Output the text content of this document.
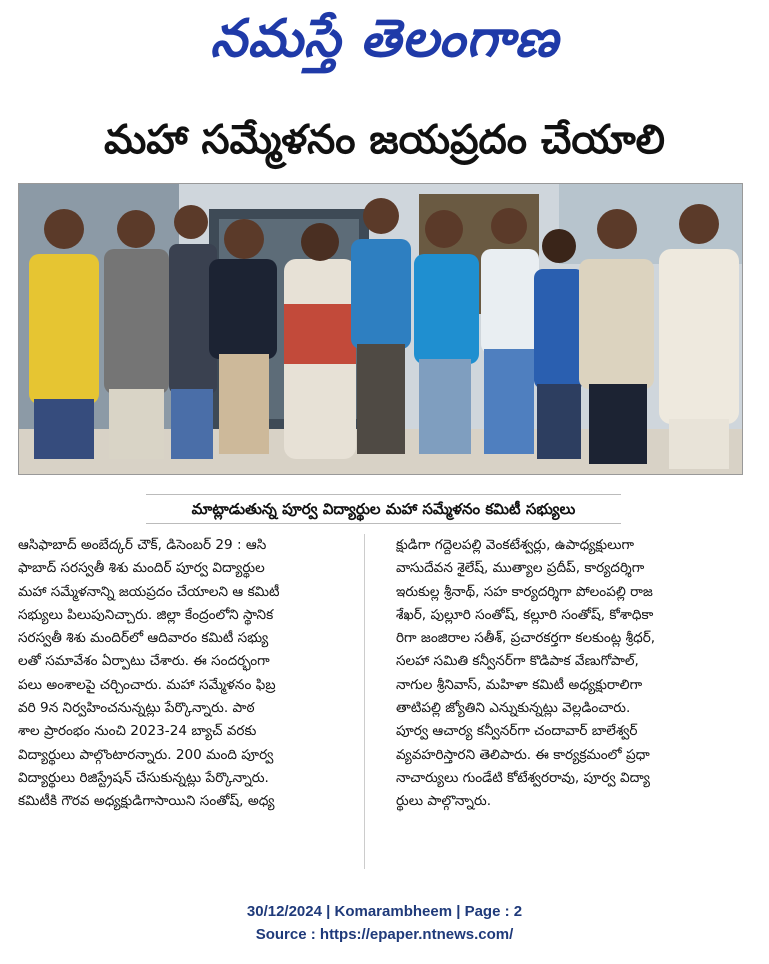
నమస్తే తెలంగాణ
మహా సమ్మేళనం జయప్రదం చేయాలి
మాట్లాడుతున్న పూర్వ విద్యార్థుల మహా సమ్మేళనం కమిటీ సభ్యులు
ఆసిఫాబాద్ అంబేద్కర్ చౌక్, డిసెంబర్ 29 : ఆసి
ఫాబాద్ సరస్వతీ శిశు మందిర్ పూర్వ విద్యార్థుల
మహా సమ్మేళనాన్ని జయప్రదం చేయాలని ఆ కమిటీ
సభ్యులు పిలుపునిచ్చారు. జిల్లా కేంద్రంలోని స్థానిక
సరస్వతీ శిశు మందిర్‌లో ఆదివారం కమిటీ సభ్యు
లతో సమావేశం ఏర్పాటు చేశారు. ఈ సందర్భంగా
పలు అంశాలపై చర్చించారు. మహా సమ్మేళనం ఫిబ్ర
వరి 9న నిర్వహించనున్నట్లు పేర్కొన్నారు. పాఠ
శాల ప్రారంభం నుంచి 2023-24 బ్యాచ్ వరకు
విద్యార్థులు పాల్గొంటారన్నారు. 200 మంది పూర్వ
విద్యార్థులు రిజిస్ట్రేషన్ చేసుకున్నట్లు పేర్కొన్నారు.
కమిటీకి గౌరవ అధ్యక్షుడిగాసాయిని సంతోష్, అధ్య
క్షుడిగా గద్దెలపల్లి వెంకటేశ్వర్లు, ఉపాధ్యక్షులుగా
వాసుదేవన శైలేష్, ముత్యాల ప్రదీప్, కార్యదర్శిగా
ఇరుకుల్ల శ్రీనాథ్, సహ కార్యదర్శిగా పోలంపల్లి రాజ
శేఖర్, పుల్లూరి సంతోష్, కల్లూరి సంతోష్, కోశాధికా
రిగా జంజిరాల సతీశ్, ప్రచారకర్తగా కలకుంట్ల శ్రీధర్,
సలహా సమితి కన్వీనర్‌గా కొడిపాక వేణుగోపాల్,
నాగుల శ్రీనివాస్, మహిళా కమిటీ అధ్యక్షురాలిగా
తాటిపల్లి జ్యోతిని ఎన్నుకున్నట్లు వెల్లడించారు.
పూర్వ ఆచార్య కన్వీనర్‌గా చందావార్ బాలేశ్వర్
వ్యవహరిస్తారని తెలిపారు. ఈ కార్యక్రమంలో ప్రధా
నాచార్యులు గుండేటి కోటేశ్వరరావు, పూర్వ విద్యా
ర్థులు పాల్గొన్నారు.
30/12/2024 | Komarambheem | Page : 2
Source : https://epaper.ntnews.com/
